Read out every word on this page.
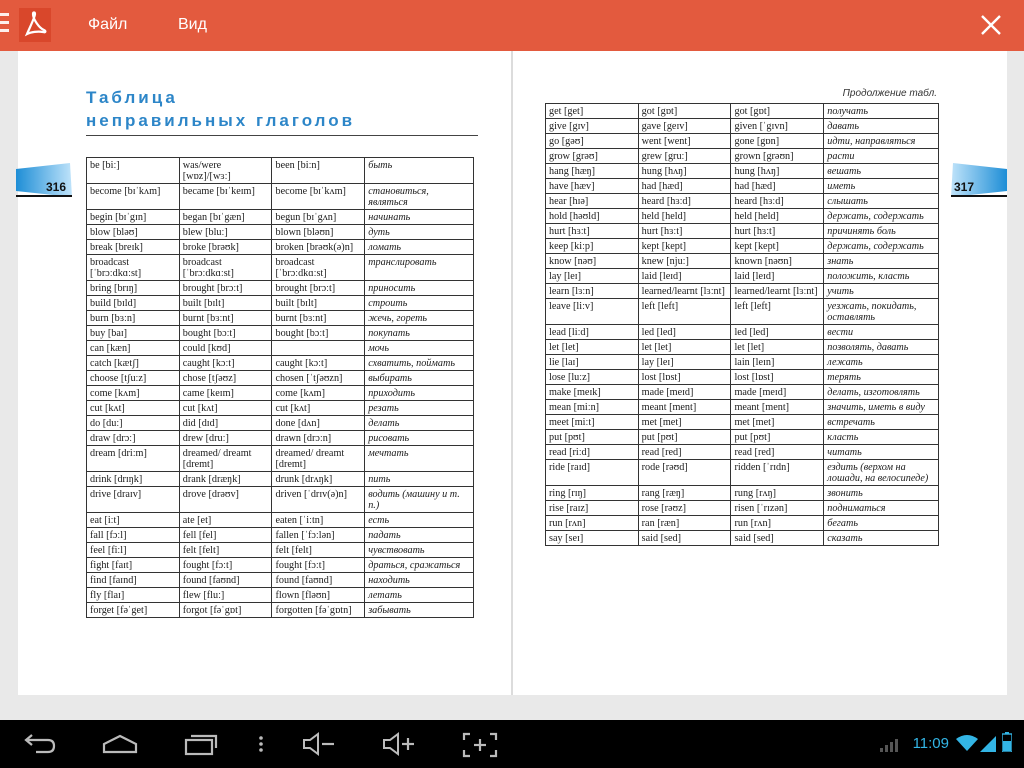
Файл	Вид
Таблица
неправильных глаголов
316
be [biː]	was/were [wɒz]/[wɜː]	been [biːn]	быть
become [bɪˈkʌm]	became [bɪˈkeɪm]	become [bɪˈkʌm]	становиться, являться
begin [bɪˈgɪn]	began [bɪˈgæn]	begun [bɪˈgʌn]	начинать
blow [bləʊ]	blew [bluː]	blown [bləʊn]	дуть
break [breɪk]	broke [brəʊk]	broken [brəʊk(ə)n]	ломать
broadcast [ˈbrɔːdkɑːst]	broadcast [ˈbrɔːdkɑːst]	broadcast [ˈbrɔːdkɑːst]	транслировать
bring [brɪŋ]	brought [brɔːt]	brought [brɔːt]	приносить
build [bɪld]	built [bɪlt]	built [bɪlt]	строить
burn [bɜːn]	burnt [bɜːnt]	burnt [bɜːnt]	жечь, гореть
buy [baɪ]	bought [bɔːt]	bought [bɔːt]	покупать
can [kæn]	could [kʊd]		мочь
catch [kætʃ]	caught [kɔːt]	caught [kɔːt]	схватить, поймать
choose [tʃuːz]	chose [tʃəʊz]	chosen [ˈtʃəʊzn]	выбирать
come [kʌm]	came [keɪm]	come [kʌm]	приходить
cut [kʌt]	cut [kʌt]	cut [kʌt]	резать
do [duː]	did [dɪd]	done [dʌn]	делать
draw [drɔː]	drew [druː]	drawn [drɔːn]	рисовать
dream [driːm]	dreamed/ dreamt [dremt]	dreamed/ dreamt [dremt]	мечтать
drink [drɪŋk]	drank [dræŋk]	drunk [drʌŋk]	пить
drive [draɪv]	drove [drəʊv]	driven [ˈdrɪv(ə)n]	водить (машину и т. п.)
eat [iːt]	ate [et]	eaten [ˈiːtn]	есть
fall [fɔːl]	fell [fel]	fallen [ˈfɔːlən]	падать
feel [fiːl]	felt [felt]	felt [felt]	чувствовать
fight [faɪt]	fought [fɔːt]	fought [fɔːt]	драться, сражаться
find [faɪnd]	found [faʊnd]	found [faʊnd]	находить
fly [flaɪ]	flew [fluː]	flown [fləʊn]	летать
forget [fəˈget]	forgot [fəˈgɒt]	forgotten [fəˈgɒtn]	забывать
Продолжение табл.
317
get [get]	got [gɒt]	got [gɒt]	получать
give [gɪv]	gave [geɪv]	given [ˈgɪvn]	давать
go [gəʊ]	went [went]	gone [gɒn]	идти, направляться
grow [grəʊ]	grew [gruː]	grown [grəʊn]	расти
hang [hæŋ]	hung [hʌŋ]	hung [hʌŋ]	вешать
have [hæv]	had [hæd]	had [hæd]	иметь
hear [hɪə]	heard [hɜːd]	heard [hɜːd]	слышать
hold [həʊld]	held [held]	held [held]	держать, содержать
hurt [hɜːt]	hurt [hɜːt]	hurt [hɜːt]	причинять боль
keep [kiːp]	kept [kept]	kept [kept]	держать, содержать
know [nəʊ]	knew [njuː]	known [nəʊn]	знать
lay [leɪ]	laid [leɪd]	laid [leɪd]	положить, класть
learn [lɜːn]	learned/learnt [lɜːnt]	learned/learnt [lɜːnt]	учить
leave [liːv]	left [left]	left [left]	уезжать, покидать, оставлять
lead [liːd]	led [led]	led [led]	вести
let [let]	let [let]	let [let]	позволять, давать
lie [laɪ]	lay [leɪ]	lain [leɪn]	лежать
lose [luːz]	lost [lɒst]	lost [lɒst]	терять
make [meɪk]	made [meɪd]	made [meɪd]	делать, изготовлять
mean [miːn]	meant [ment]	meant [ment]	значить, иметь в виду
meet [miːt]	met [met]	met [met]	встречать
put [pʊt]	put [pʊt]	put [pʊt]	класть
read [riːd]	read [red]	read [red]	читать
ride [raɪd]	rode [rəʊd]	ridden [ˈrɪdn]	ездить (верхом на лошади, на велосипеде)
ring [rɪŋ]	rang [ræŋ]	rung [rʌŋ]	звонить
rise [raɪz]	rose [rəʊz]	risen [ˈrɪzən]	подниматься
run [rʌn]	ran [ræn]	run [rʌn]	бегать
say [seɪ]	said [sed]	said [sed]	сказать
11:09
